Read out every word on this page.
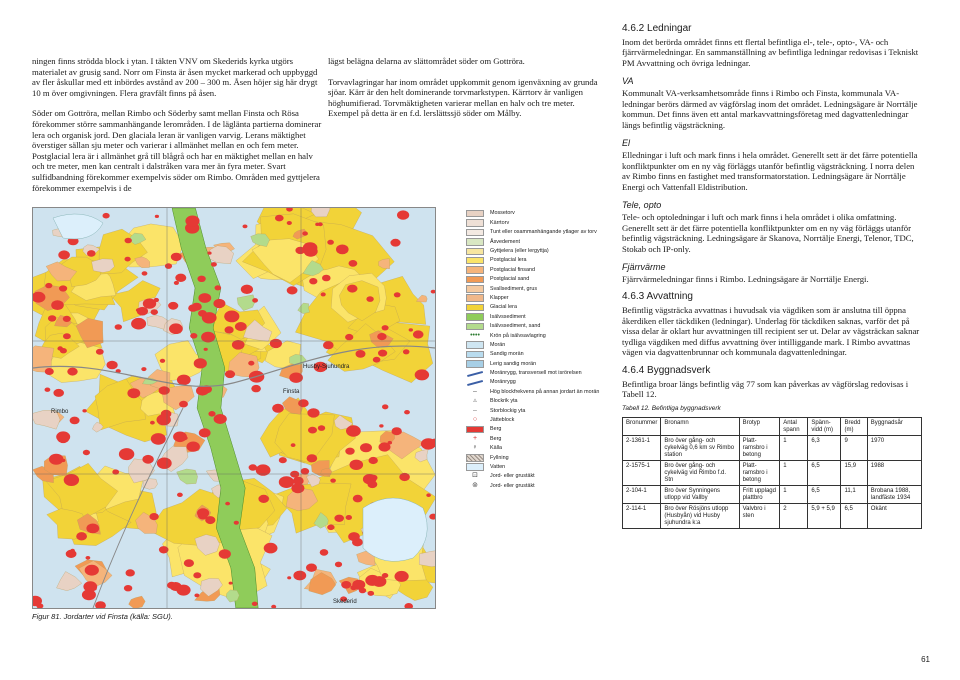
ningen finns strödda block i ytan. I täkten VNV om Skederids kyrka utgörs materialet av grusig sand. Norr om Finsta är åsen mycket markerad och uppbyggd av fler åskullar med ett inbördes avstånd av 200 – 300 m. Åsen höjer sig här drygt 10 m över omgivningen. Flera gravfält finns på åsen.

Söder om Gottröra, mellan Rimbo och Söderby samt mellan Finsta och Rösa förekommer större sammanhängande lerområden. I de läglänta partierna dominerar lera och organisk jord. Den glaciala leran är vanligen varvig. Lerans mäktighet överstiger sällan sju meter och varierar i allmänhet mellan en och fem meter. Postglacial lera är i allmänhet grå till blågrå och har en mäktighet mellan en halv och tre meter, men kan centralt i dalstråken vara mer än fyra meter. Svart sulfidbandning förekommer exempelvis söder om Rimbo. Områden med gyttjelera förekommer exempelvis i de

lägst belägna delarna av slättområdet söder om Gottröra.

Torvavlagringar har inom området uppkommit genom igenväxning av grunda sjöar. Kärr är den helt dominerande torvmarkstypen. Kärrtorv är vanligen höghumifierad. Torvmäktigheten varierar mellan en halv och tre meter. Exempel på detta är en f.d. lerslättssjö söder om Målby.

Rimbo
Finsta
Husby-Sjuhundra
Skederid
Figur 81. Jordarter vid Finsta (källa: SGU).
Mossetorv
Kärrtorv
Tunt eller osammanhängande ytlager av torv
Åsvedement
Gyttjelera (eller lergyttja)
Postglacial lera
Postglacial finsand
Postglacial sand
Svallsediment, grus
Klapper
Glacial lera
Isälvssediment
Isälvssediment, sand
••••	Krön på isälvsavlagring
Morän
Sandig morän
Lerig sandig morän
Moränrygg, transversell mot isrörelsen
Moränrygg
–	Hög blockfrekvens på annan jordart än morän
▵	Blockrik yta
–	Storblockig yta
○	Jätteblock
Berg
+	Berg
♀	Källa
Fyllning
Vatten
⊡	Jord- eller grustäkt
⊚	Jord- eller grustäkt
4.6.2 Ledningar

Inom det berörda området finns ett flertal befintliga el-, tele-, opto-, VA- och fjärrvärmeledningar. En sammanställning av befintliga ledningar redovisas i Tekniskt PM Avvattning och övriga ledningar.

VA

Kommunalt VA-verksamhetsområde finns i Rimbo och Finsta, kommunala VA-ledningar berörs därmed av vägförslag inom det området. Ledningsägare är Norrtälje kommun. Det finns även ett antal markavvattningsföretag med dagvattenledningar längs befintlig vägsträckning.

El

Elledningar i luft och mark finns i hela området. Generellt sett är det färre potentiella konfliktpunkter om en ny väg förläggs utanför befintlig vägsträckning. I norra delen av Rimbo finns en fastighet med transformatorstation. Ledningsägare är Norrtälje Energi och Vattenfall Eldistribution.

Tele, opto

Tele- och optoledningar i luft och mark finns i hela området i olika omfattning. Generellt sett är det färre potentiella konfliktpunkter om en ny väg förläggs utanför befintlig vägsträckning. Ledningsägare är Skanova, Norrtälje Energi, Telenor, TDC, Stokab och IP-only.

Fjärrvärme

Fjärrvärmeledningar finns i Rimbo. Ledningsägare är Norrtälje Energi.

4.6.3 Avvattning

Befintlig vägsträcka avvattnas i huvudsak via vägdiken som är anslutna till öppna åkerdiken eller täckdiken (ledningar). Underlag för täckdiken saknas, varför det på vissa delar är oklart hur avvattningen till recipient ser ut. Delar av vägsträckan saknar tydliga vägdiken med diffus avvattning över intilliggande mark. I Rimbo avvattnas vägen via dagvattenbrunnar och kommunala dagvattenledningar.

4.6.4 Byggnadsverk

Befintliga broar längs befintlig väg 77 som kan påverkas av vägförslag redovisas i Tabell 12.

Tabell 12. Befintliga byggnadsverk
Bronummer	Bronamn	Brotyp	Antal spann	Spänn-vidd (m)	Bredd (m)	Byggnadsår
2-1361-1	Bro över gång- och cykelväg 0,6 km sv Rimbo station	Platt-ramsbro i betong	1	6,3	9	1970
2-1575-1	Bro över gång- och cykelväg vid Rimbo f.d. Stn	Platt-ramsbro i betong	1	6,5	15,9	1988
2-104-1	Bro över Synningens utlopp vid Vallby	Fritt upplagd plattbro	1	6,5	11,1	Brobana 1988, landfäste 1934
2-114-1	Bro över Rösjöns utlopp (Husbyån) vid Husby sjuhundra k:a	Valvbro i sten	2	5,9 + 5,9	6,5	Okänt
61
